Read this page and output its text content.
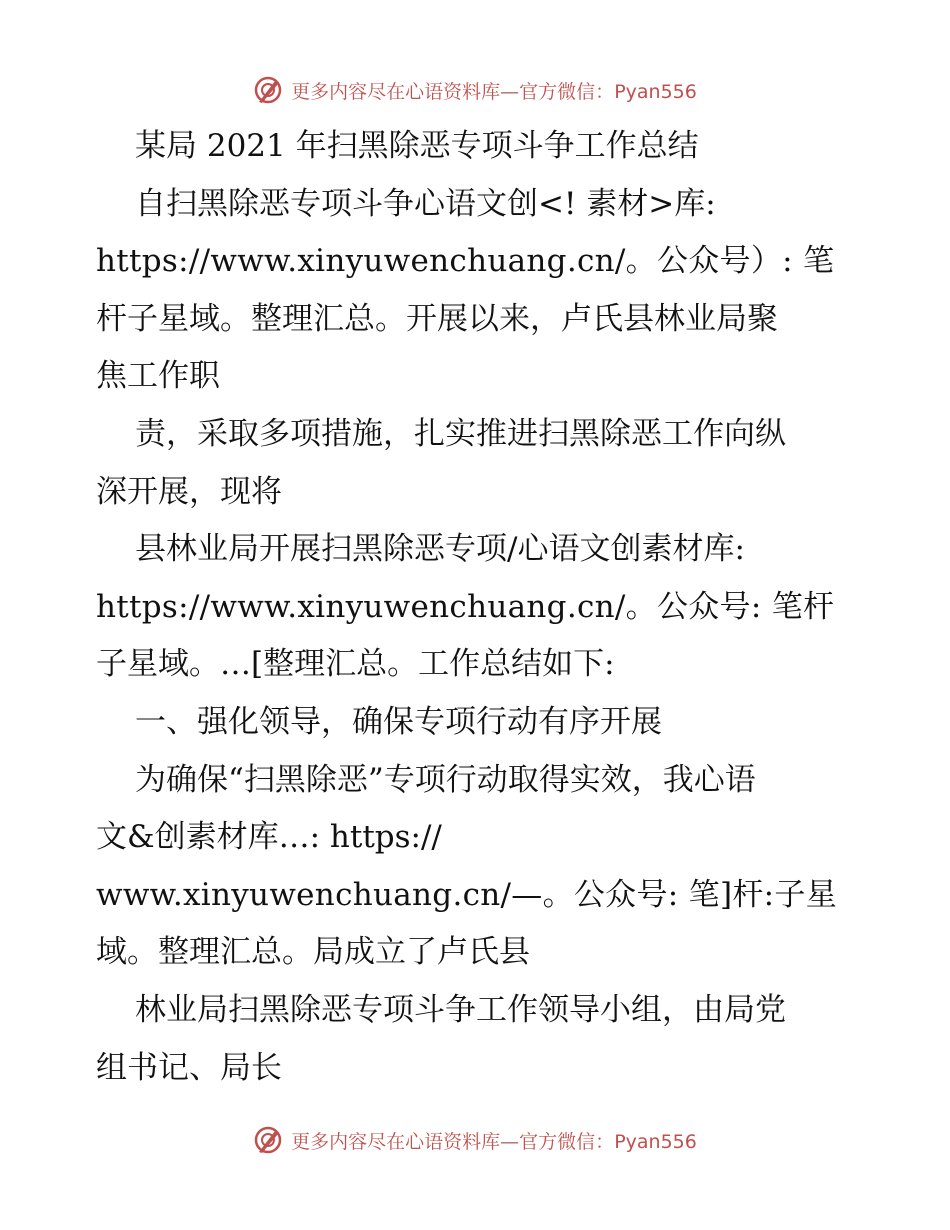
更多内容尽在心语资料库—官方微信：Pyan556
某局 2021 年扫黑除恶专项斗争工作总结
自扫黑除恶专项斗争心语文创<! 素材>库:
https://www.xinyuwenchuang.cn/。公众号）: 笔
杆子星域。整理汇总。开展以来，卢氏县林业局聚
焦工作职
责，采取多项措施，扎实推进扫黑除恶工作向纵
深开展，现将
县林业局开展扫黑除恶专项/心语文创素材库:
https://www.xinyuwenchuang.cn/。公众号: 笔杆
子星域。…[整理汇总。工作总结如下:
一、强化领导，确保专项行动有序开展
为确保“扫黑除恶”专项行动取得实效，我心语
文&创素材库…: https://
www.xinyuwenchuang.cn/—。公众号: 笔]杆:子星
域。整理汇总。局成立了卢氏县
林业局扫黑除恶专项斗争工作领导小组，由局党
组书记、局长
更多内容尽在心语资料库—官方微信：Pyan556
